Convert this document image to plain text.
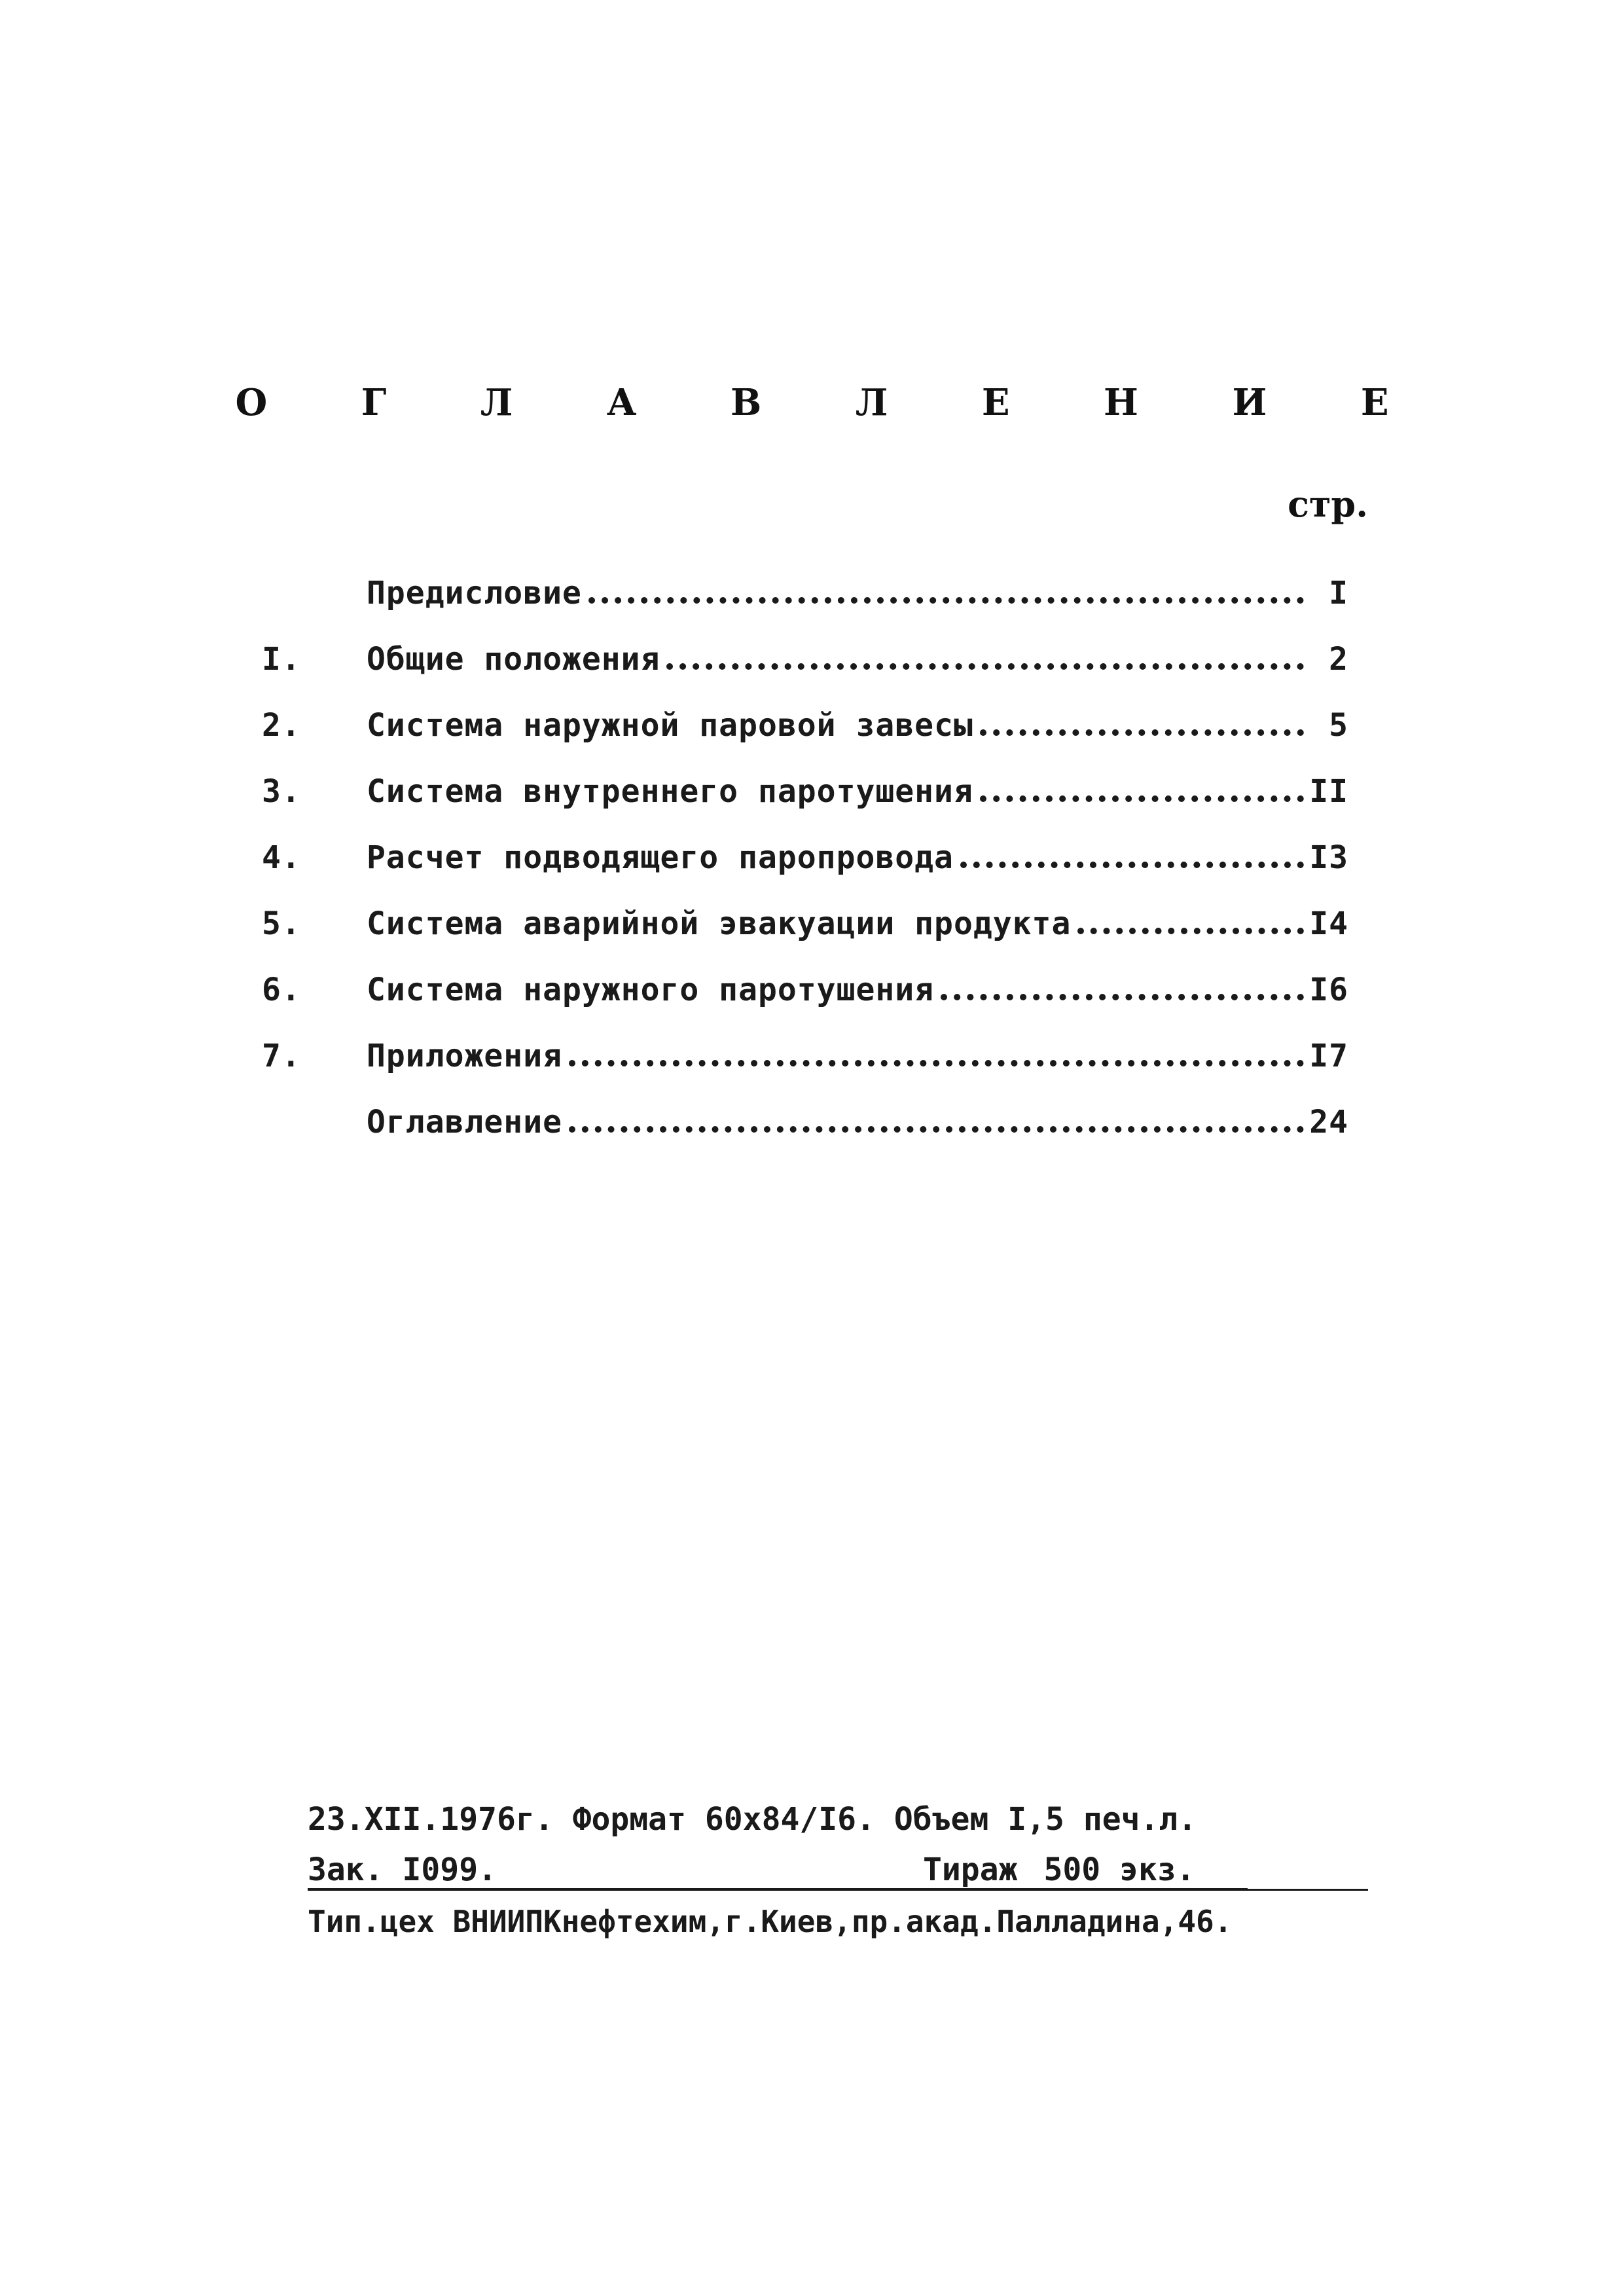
О Г Л А В Л Е Н И Е
стр.
Предисловие	I
I.	Общие положения	2
2.	Система наружной паровой завесы	5
3.	Система внутреннего паротушения	II
4.	Расчет подводящего паропровода	I3
5.	Система аварийной эвакуации продукта	I4
6.	Система наружного паротушения	I6
7.	Приложения	I7
Оглавление	24
23.XII.1976г. Формат 60х84/I6. Объем I,5 печ.л.
Зак. I099.	Тираж 500 экз.
Тип.цех ВНИИПКнефтехим,г.Киев,пр.акад.Палладина,46.
